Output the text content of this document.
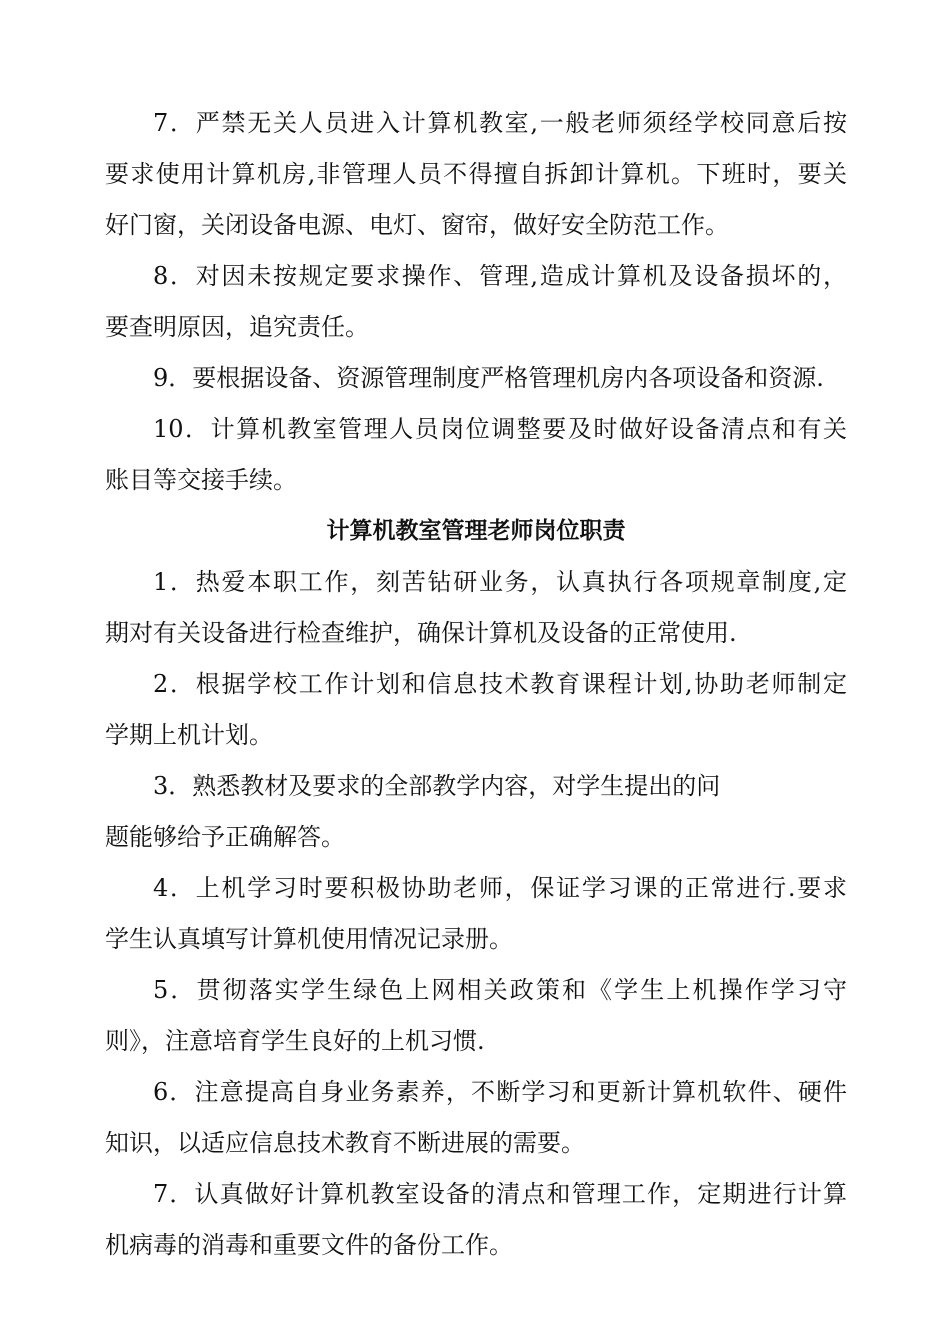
7．严禁无关人员进入计算机教室,一般老师须经学校同意后按
要求使用计算机房,非管理人员不得擅自拆卸计算机。下班时，要关
好门窗，关闭设备电源、电灯、窗帘，做好安全防范工作。
8．对因未按规定要求操作、管理,造成计算机及设备损坏的，
要查明原因，追究责任。
9．要根据设备、资源管理制度严格管理机房内各项设备和资源.
10．计算机教室管理人员岗位调整要及时做好设备清点和有关
账目等交接手续。
计算机教室管理老师岗位职责
1．热爱本职工作，刻苦钻研业务，认真执行各项规章制度,定
期对有关设备进行检查维护，确保计算机及设备的正常使用.
2．根据学校工作计划和信息技术教育课程计划,协助老师制定
学期上机计划。
3．熟悉教材及要求的全部教学内容，对学生提出的问
题能够给予正确解答。
4．上机学习时要积极协助老师，保证学习课的正常进行.要求
学生认真填写计算机使用情况记录册。
5．贯彻落实学生绿色上网相关政策和《学生上机操作学习守
则》，注意培育学生良好的上机习惯.
6．注意提高自身业务素养，不断学习和更新计算机软件、硬件
知识，以适应信息技术教育不断进展的需要。
7．认真做好计算机教室设备的清点和管理工作，定期进行计算
机病毒的消毒和重要文件的备份工作。
